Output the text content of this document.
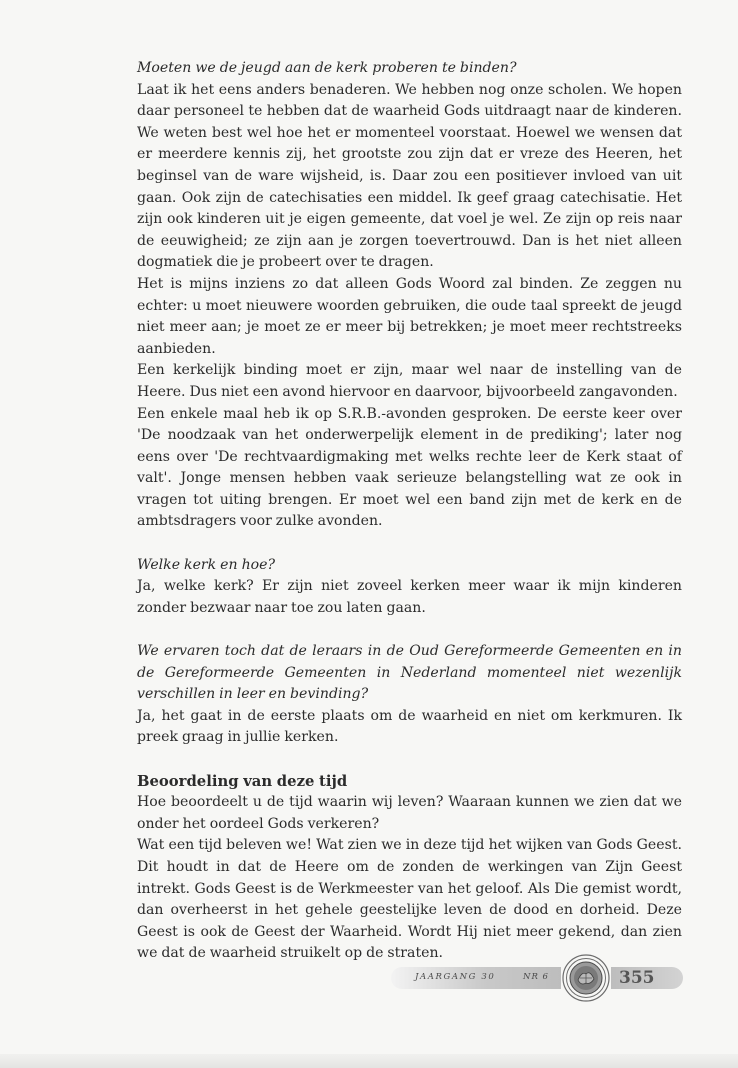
Moeten we de jeugd aan de kerk proberen te binden?

Laat ik het eens anders benaderen. We hebben nog onze scholen. We hopen daar personeel te hebben dat de waarheid Gods uitdraagt naar de kinderen. We weten best wel hoe het er momenteel voorstaat. Hoewel we wensen dat er meerdere kennis zij, het grootste zou zijn dat er vreze des Heeren, het beginsel van de ware wijsheid, is. Daar zou een positiever invloed van uit gaan. Ook zijn de catechisaties een middel. Ik geef graag catechisatie. Het zijn ook kinderen uit je eigen gemeente, dat voel je wel. Ze zijn op reis naar de eeuwigheid; ze zijn aan je zorgen toevertrouwd. Dan is het niet alleen dogmatiek die je probeert over te dragen.

Het is mijns inziens zo dat alleen Gods Woord zal binden. Ze zeggen nu echter: u moet nieuwere woorden gebruiken, die oude taal spreekt de jeugd niet meer aan; je moet ze er meer bij betrekken; je moet meer rechtstreeks aanbieden.

Een kerkelijk binding moet er zijn, maar wel naar de instelling van de Heere. Dus niet een avond hiervoor en daarvoor, bijvoorbeeld zangavonden.

Een enkele maal heb ik op S.R.B.-avonden gesproken. De eerste keer over 'De noodzaak van het onderwerpelijk element in de prediking'; later nog eens over 'De rechtvaardigmaking met welks rechte leer de Kerk staat of valt'. Jonge mensen hebben vaak serieuze belangstelling wat ze ook in vragen tot uiting brengen. Er moet wel een band zijn met de kerk en de ambtsdragers voor zulke avonden.

Welke kerk en hoe?

Ja, welke kerk? Er zijn niet zoveel kerken meer waar ik mijn kinderen zonder bezwaar naar toe zou laten gaan.

We ervaren toch dat de leraars in de Oud Gereformeerde Gemeenten en in de Gereformeerde Gemeenten in Nederland momenteel niet wezenlijk verschillen in leer en bevinding?

Ja, het gaat in de eerste plaats om de waarheid en niet om kerkmuren. Ik preek graag in jullie kerken.

Beoordeling van deze tijd

Hoe beoordeelt u de tijd waarin wij leven? Waaraan kunnen we zien dat we onder het oordeel Gods verkeren?

Wat een tijd beleven we! Wat zien we in deze tijd het wijken van Gods Geest. Dit houdt in dat de Heere om de zonden de werkingen van Zijn Geest intrekt. Gods Geest is de Werkmeester van het geloof. Als Die gemist wordt, dan overheerst in het gehele geestelijke leven de dood en dorheid. Deze Geest is ook de Geest der Waarheid. Wordt Hij niet meer gekend, dan zien we dat de waarheid struikelt op de straten.

JAARGANG 30	NR 6	355
